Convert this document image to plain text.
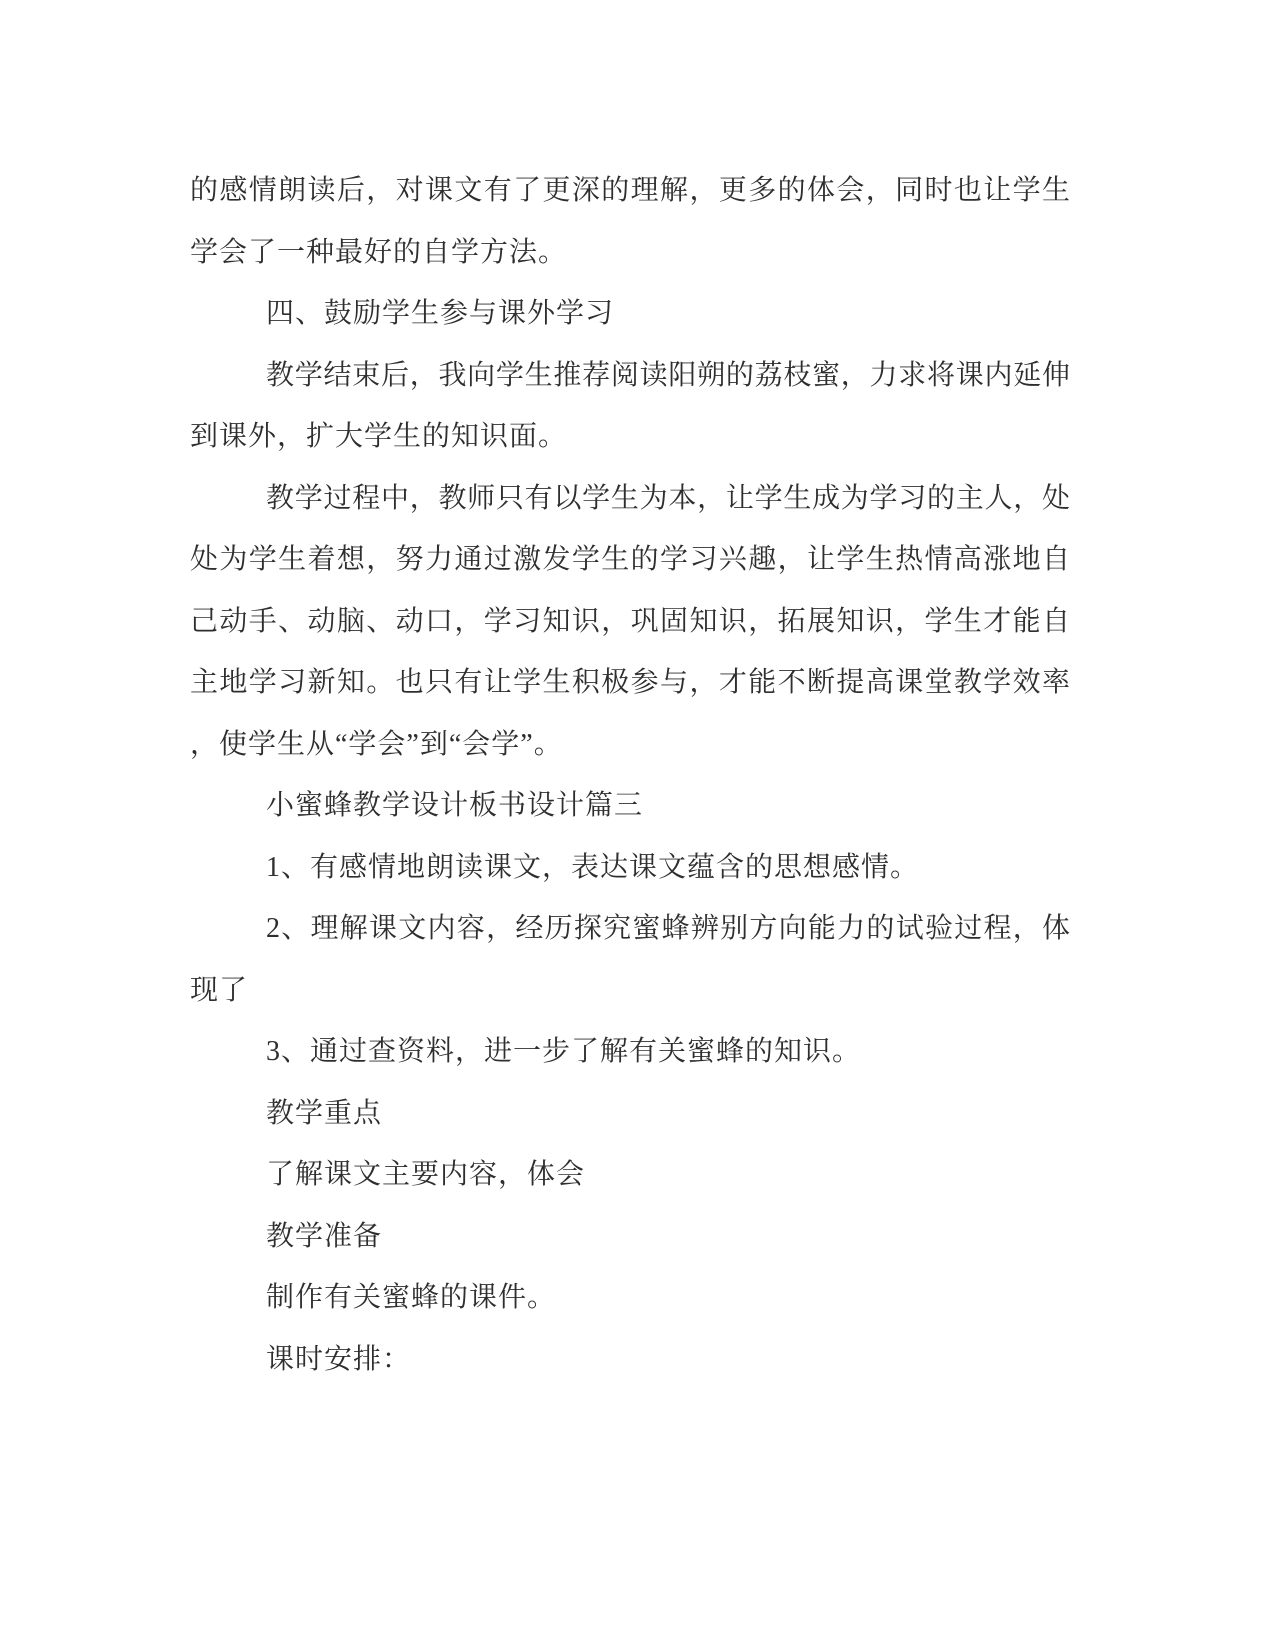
的感情朗读后，对课文有了更深的理解，更多的体会，同时也让学生
学会了一种最好的自学方法。
四、鼓励学生参与课外学习
教学结束后，我向学生推荐阅读阳朔的荔枝蜜，力求将课内延伸
到课外，扩大学生的知识面。
教学过程中，教师只有以学生为本，让学生成为学习的主人，处
处为学生着想，努力通过激发学生的学习兴趣，让学生热情高涨地自
己动手、动脑、动口，学习知识，巩固知识，拓展知识，学生才能自
主地学习新知。也只有让学生积极参与，才能不断提高课堂教学效率
，使学生从“学会”到“会学”。
小蜜蜂教学设计板书设计篇三
1、有感情地朗读课文，表达课文蕴含的思想感情。
2、理解课文内容，经历探究蜜蜂辨别方向能力的试验过程，体
现了
3、通过查资料，进一步了解有关蜜蜂的知识。
教学重点
了解课文主要内容，体会
教学准备
制作有关蜜蜂的课件。
课时安排：
